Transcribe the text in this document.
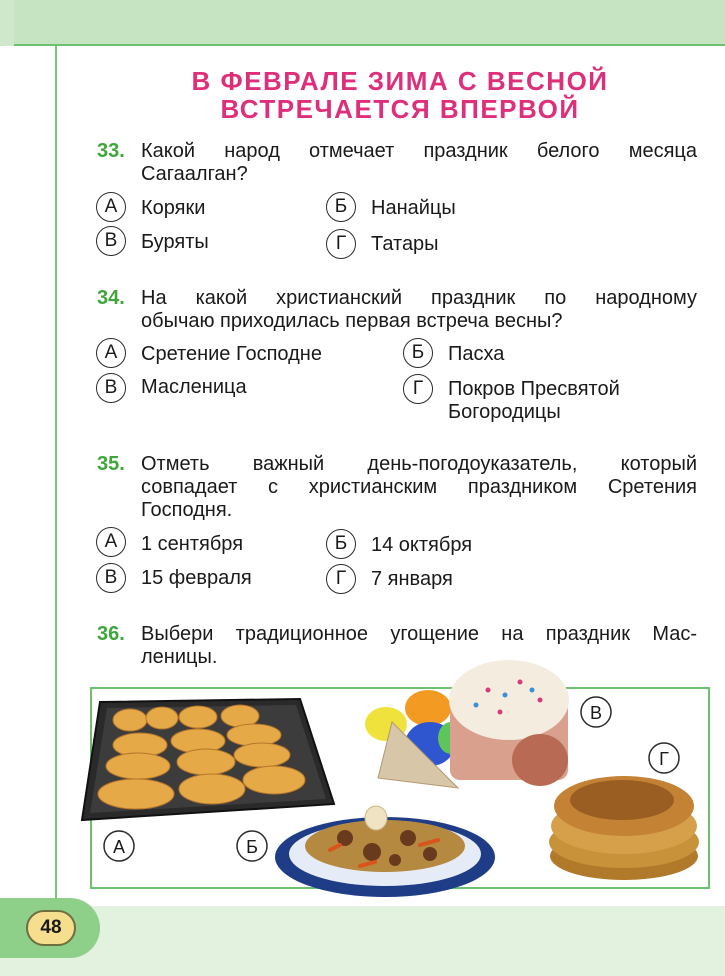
48
В ФЕВРАЛЕ ЗИМА С ВЕСНОЙ
ВСТРЕЧАЕТСЯ ВПЕРВОЙ
33. Какой народ отмечает праздник белого месяца
Сагаалган?
А	Коряки	Б	Нанайцы
В	Буряты	Г	Татары
34. На какой христианский праздник по народному
обычаю приходилась первая встреча весны?
А	Сретение Господне	Б	Пасха
В	Масленица	Г	Покров Пресвятой
Богородицы
35. Отметь важный день-погодоуказатель, который
совпадает с христианским праздником Сретения
Господня.
А	1 сентября	Б	14 октября
В	15 февраля	Г	7 января
36. Выбери традиционное угощение на праздник Мас-
леницы.
А	Б
В
Г
